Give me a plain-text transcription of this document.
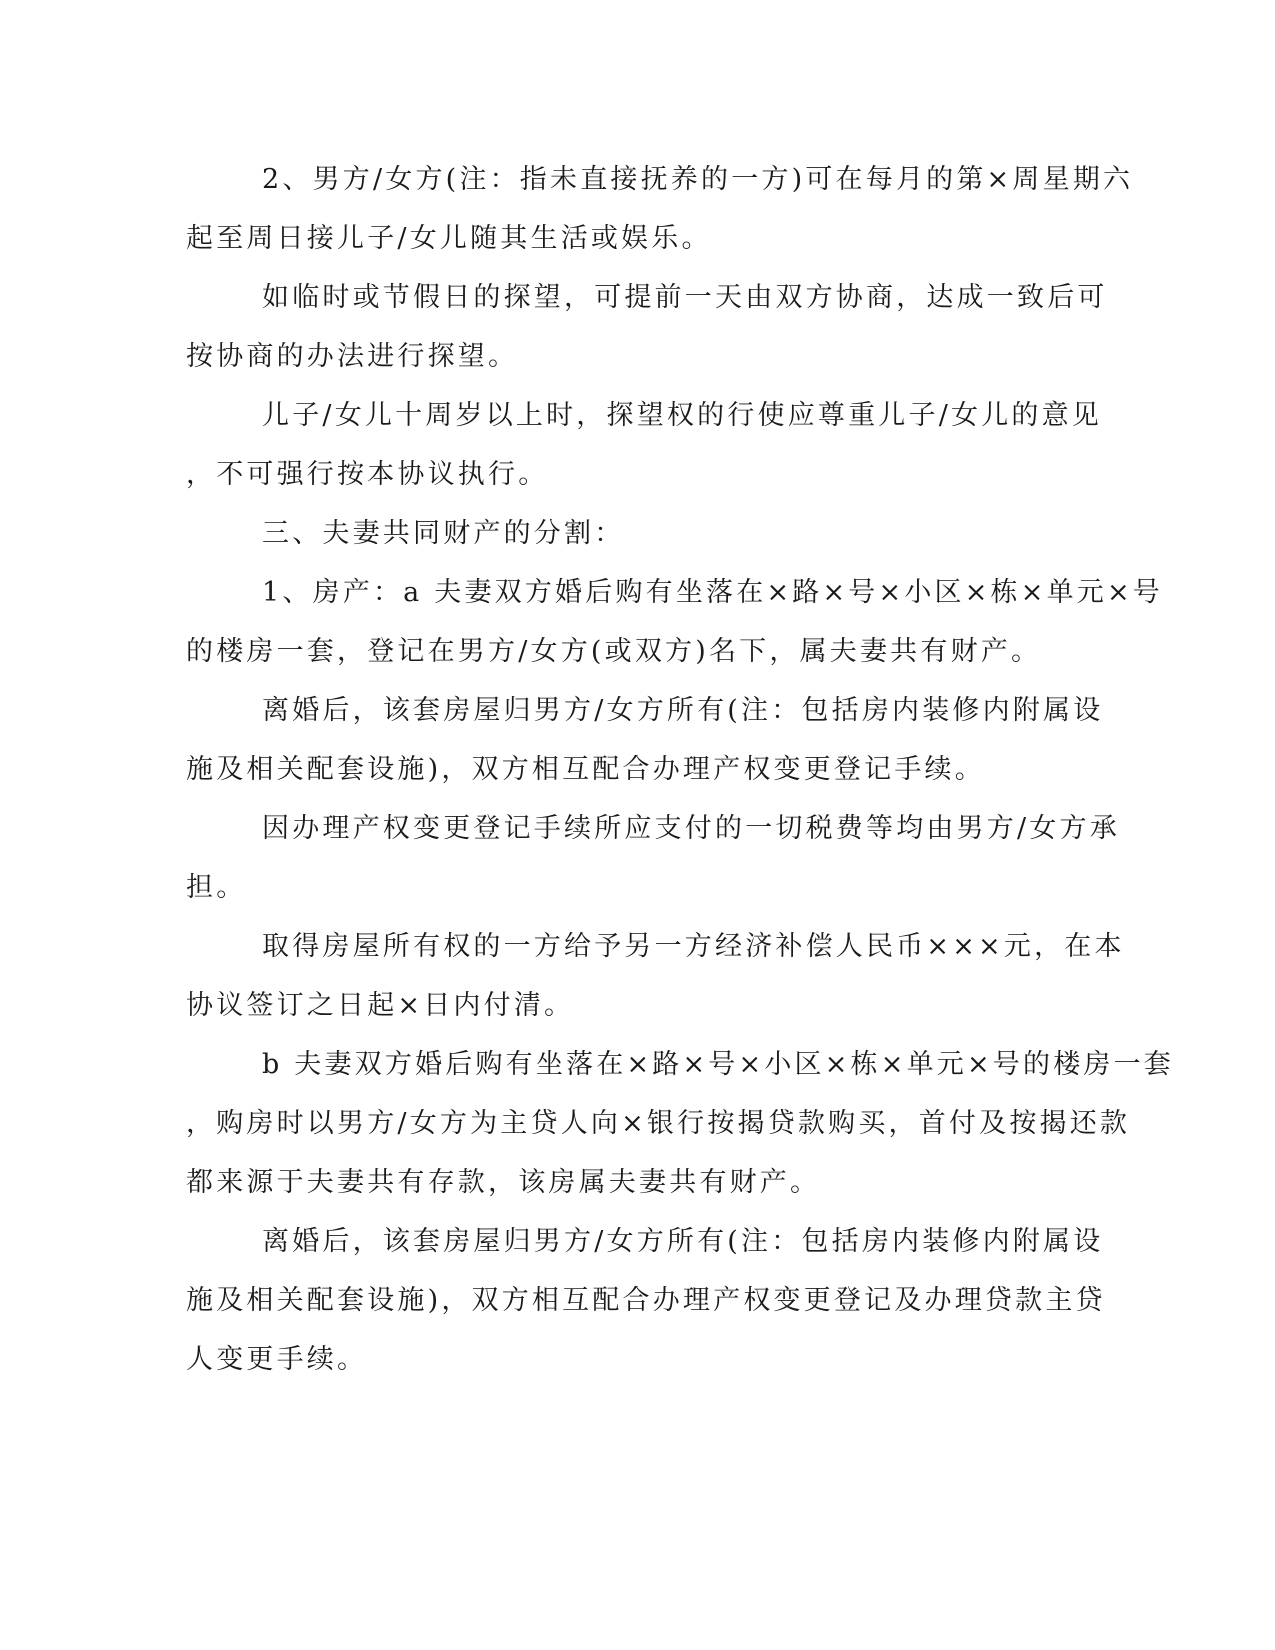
2、男方/女方(注：指未直接抚养的一方)可在每月的第×周星期六
起至周日接儿子/女儿随其生活或娱乐。
如临时或节假日的探望，可提前一天由双方协商，达成一致后可
按协商的办法进行探望。
儿子/女儿十周岁以上时，探望权的行使应尊重儿子/女儿的意见
，不可强行按本协议执行。
三、夫妻共同财产的分割：
1、房产：a 夫妻双方婚后购有坐落在×路×号×小区×栋×单元×号
的楼房一套，登记在男方/女方(或双方)名下，属夫妻共有财产。
离婚后，该套房屋归男方/女方所有(注：包括房内装修内附属设
施及相关配套设施)，双方相互配合办理产权变更登记手续。
因办理产权变更登记手续所应支付的一切税费等均由男方/女方承
担。
取得房屋所有权的一方给予另一方经济补偿人民币×××元，在本
协议签订之日起×日内付清。
b 夫妻双方婚后购有坐落在×路×号×小区×栋×单元×号的楼房一套
，购房时以男方/女方为主贷人向×银行按揭贷款购买，首付及按揭还款
都来源于夫妻共有存款，该房属夫妻共有财产。
离婚后，该套房屋归男方/女方所有(注：包括房内装修内附属设
施及相关配套设施)，双方相互配合办理产权变更登记及办理贷款主贷
人变更手续。
